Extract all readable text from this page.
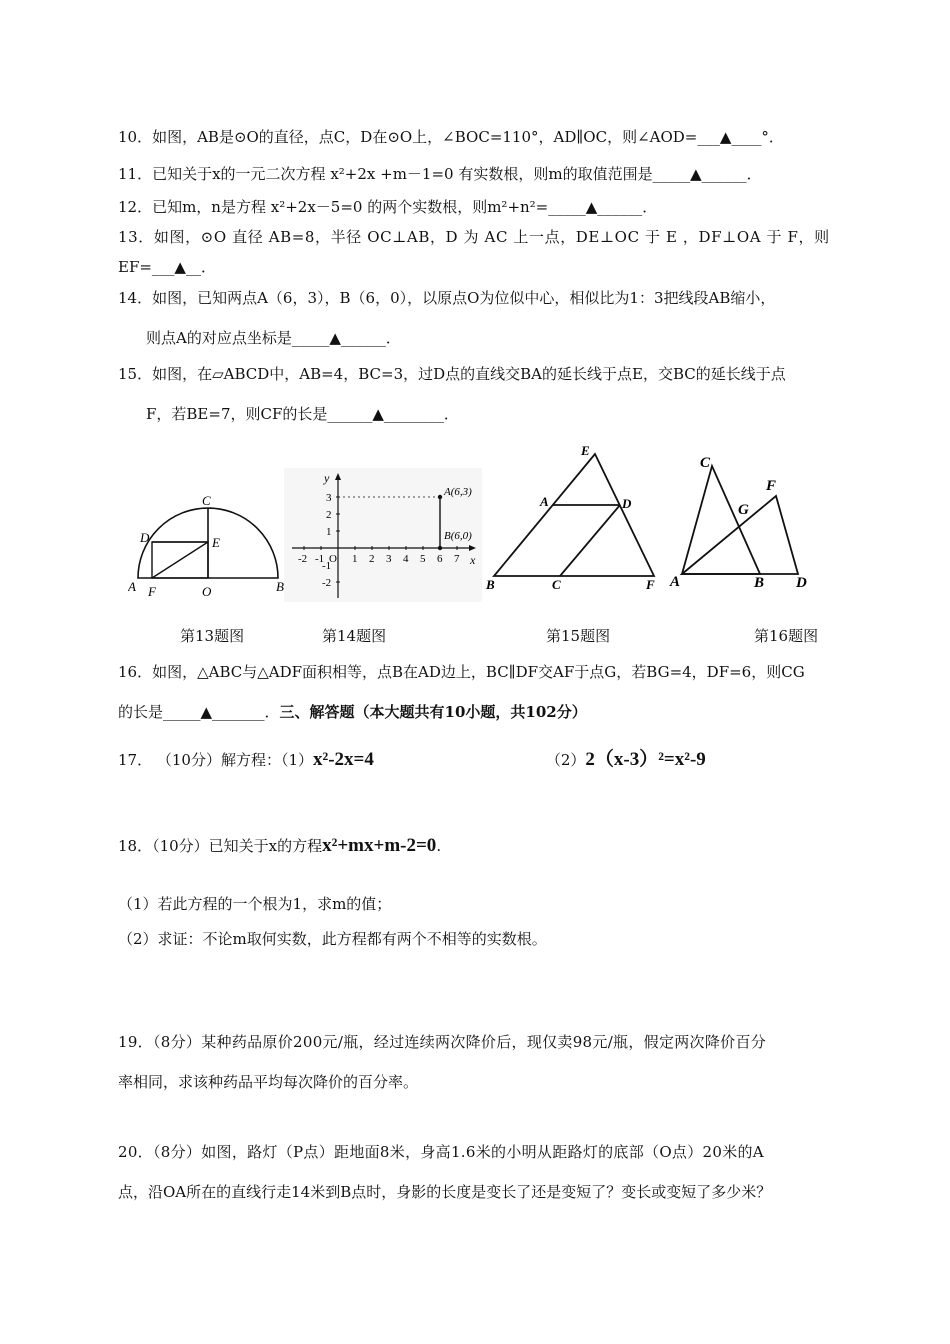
10．如图，AB是⊙O的直径，点C，D在⊙O上，∠BOC=110°，AD∥OC，则∠AOD=___▲____°．
11．已知关于x的一元二次方程 x²+2x +m－1=0 有实数根，则m的取值范围是_____▲______．
12．已知m，n是方程 x²+2x－5=0 的两个实数根，则m²+n²=_____▲______．
13．如图，⊙O 直径 AB=8，半径 OC⊥AB，D 为 AC 上一点，DE⊥OC 于 E ，DF⊥OA 于 F，则
EF=___▲__．
14．如图，已知两点A（6，3），B（6，0），以原点O为位似中心，相似比为1：3把线段AB缩小，
则点A的对应点坐标是_____▲______．
15．如图，在▱ABCD中，AB=4，BC=3，过D点的直线交BA的延长线于点E，交BC的延长线于点
F，若BE=7，则CF的长是______▲________．
A	B
C
D	E
F	O
y
x
A(6,3)
B(6,0)
-2 -1 O 1 2 3 4 5 6 7
3
2
1
-1
-2
E
A	D
B	C	F
C
F
G
A	B D
第13题图	第14题图	第15题图	第16题图
16．如图，△ABC与△ADF面积相等，点B在AD边上，BC∥DF交AF于点G，若BG=4，DF=6，则CG
的长是_____▲_______．三、解答题（本大题共有10小题，共102分）
17． （10分）解方程：（1）x²-2x=4	（2）2（x-3）²=x²-9
18．（10分）已知关于x的方程x²+mx+m-2=0.
（1）若此方程的一个根为1，求m的值；
（2）求证：不论m取何实数，此方程都有两个不相等的实数根。
19．（8分）某种药品原价200元/瓶，经过连续两次降价后，现仅卖98元/瓶，假定两次降价百分
率相同，求该种药品平均每次降价的百分率。
20．（8分）如图，路灯（P点）距地面8米，身高1.6米的小明从距路灯的底部（O点）20米的A
点，沿OA所在的直线行走14米到B点时，身影的长度是变长了还是变短了？变长或变短了多少米？
